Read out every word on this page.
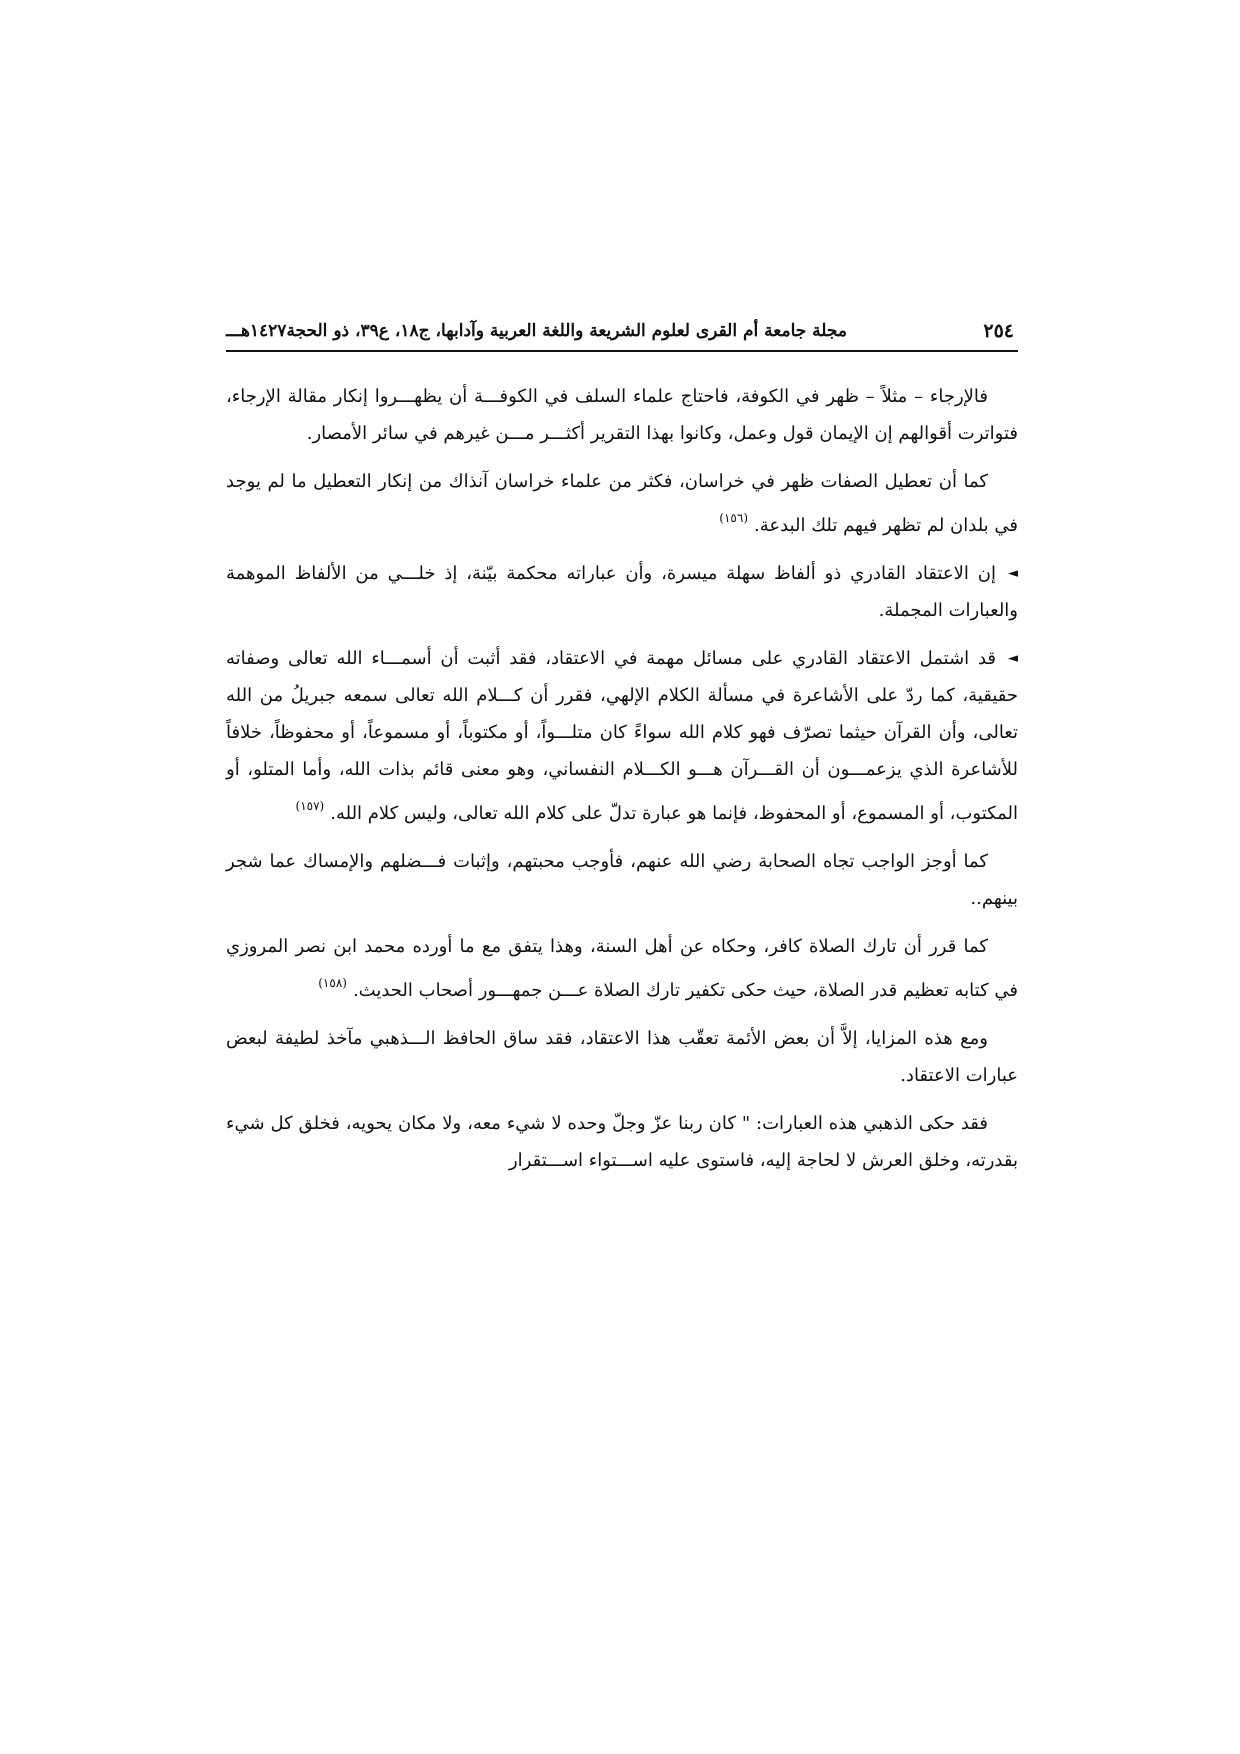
٢٥٤
مجلة جامعة أم القرى لعلوم الشريعة واللغة العربية وآدابها، ج١٨، ع٣٩، ذو الحجة١٤٢٧هـــ

فالإرجاء – مثلاً – ظهر في الكوفة، فاحتاج علماء السلف في الكوفـــة أن يظهـــروا إنكار مقالة الإرجاء، فتواترت أقوالهم إن الإيمان قول وعمل، وكانوا بهذا التقرير أكثـــر مـــن غيرهم في سائر الأمصار.

كما أن تعطيل الصفات ظهر في خراسان، فكثر من علماء خراسان آنذاك من إنكار التعطيل ما لم يوجد في بلدان لم تظهر فيهم تلك البدعة.$^{(١٥٦)}$

◄إن الاعتقاد القادري ذو ألفاظ سهلة ميسرة، وأن عباراته محكمة بيّنة، إذ خلـــي من الألفاظ الموهمة والعبارات المجملة.

◄قد اشتمل الاعتقاد القادري على مسائل مهمة في الاعتقاد، فقد أثبت أن أسمـــاء الله تعالى وصفاته حقيقية، كما ردّ على الأشاعرة في مسألة الكلام الإلهي، فقرر أن كـــلام الله تعالى سمعه جبريلُ من الله تعالى، وأن القرآن حيثما تصرّف فهو كلام الله سواءً كان متلـــواً، أو مكتوباً، أو مسموعاً، أو محفوظاً، خلافاً للأشاعرة الذي يزعمـــون أن القـــرآن هـــو الكـــلام النفساني، وهو معنى قائم بذات الله، وأما المتلو، أو المكتوب، أو المسموع، أو المحفوظ، فإنما هو عبارة تدلّ على كلام الله تعالى، وليس كلام الله.$^{(١٥٧)}$

كما أوجز الواجب تجاه الصحابة رضي الله عنهم، فأوجب محبتهم، وإثبات فـــضلهم والإمساك عما شجر بينهم..

كما قرر أن تارك الصلاة كافر، وحكاه عن أهل السنة، وهذا يتفق مع ما أورده محمد ابن نصر المروزي في كتابه تعظيم قدر الصلاة، حيث حكى تكفير تارك الصلاة عـــن جمهـــور أصحاب الحديث.$^{(١٥٨)}$

ومع هذه المزايا، إلاَّ أن بعض الأئمة تعقّب هذا الاعتقاد، فقد ساق الحافظ الـــذهبي مآخذ لطيفة لبعض عبارات الاعتقاد.

فقد حكى الذهبي هذه العبارات: " كان ربنا عزّ وجلّ وحده لا شيء معه، ولا مكان يحويه، فخلق كل شيء بقدرته، وخلق العرش لا لحاجة إليه، فاستوى عليه اســـتواء اســـتقرار
